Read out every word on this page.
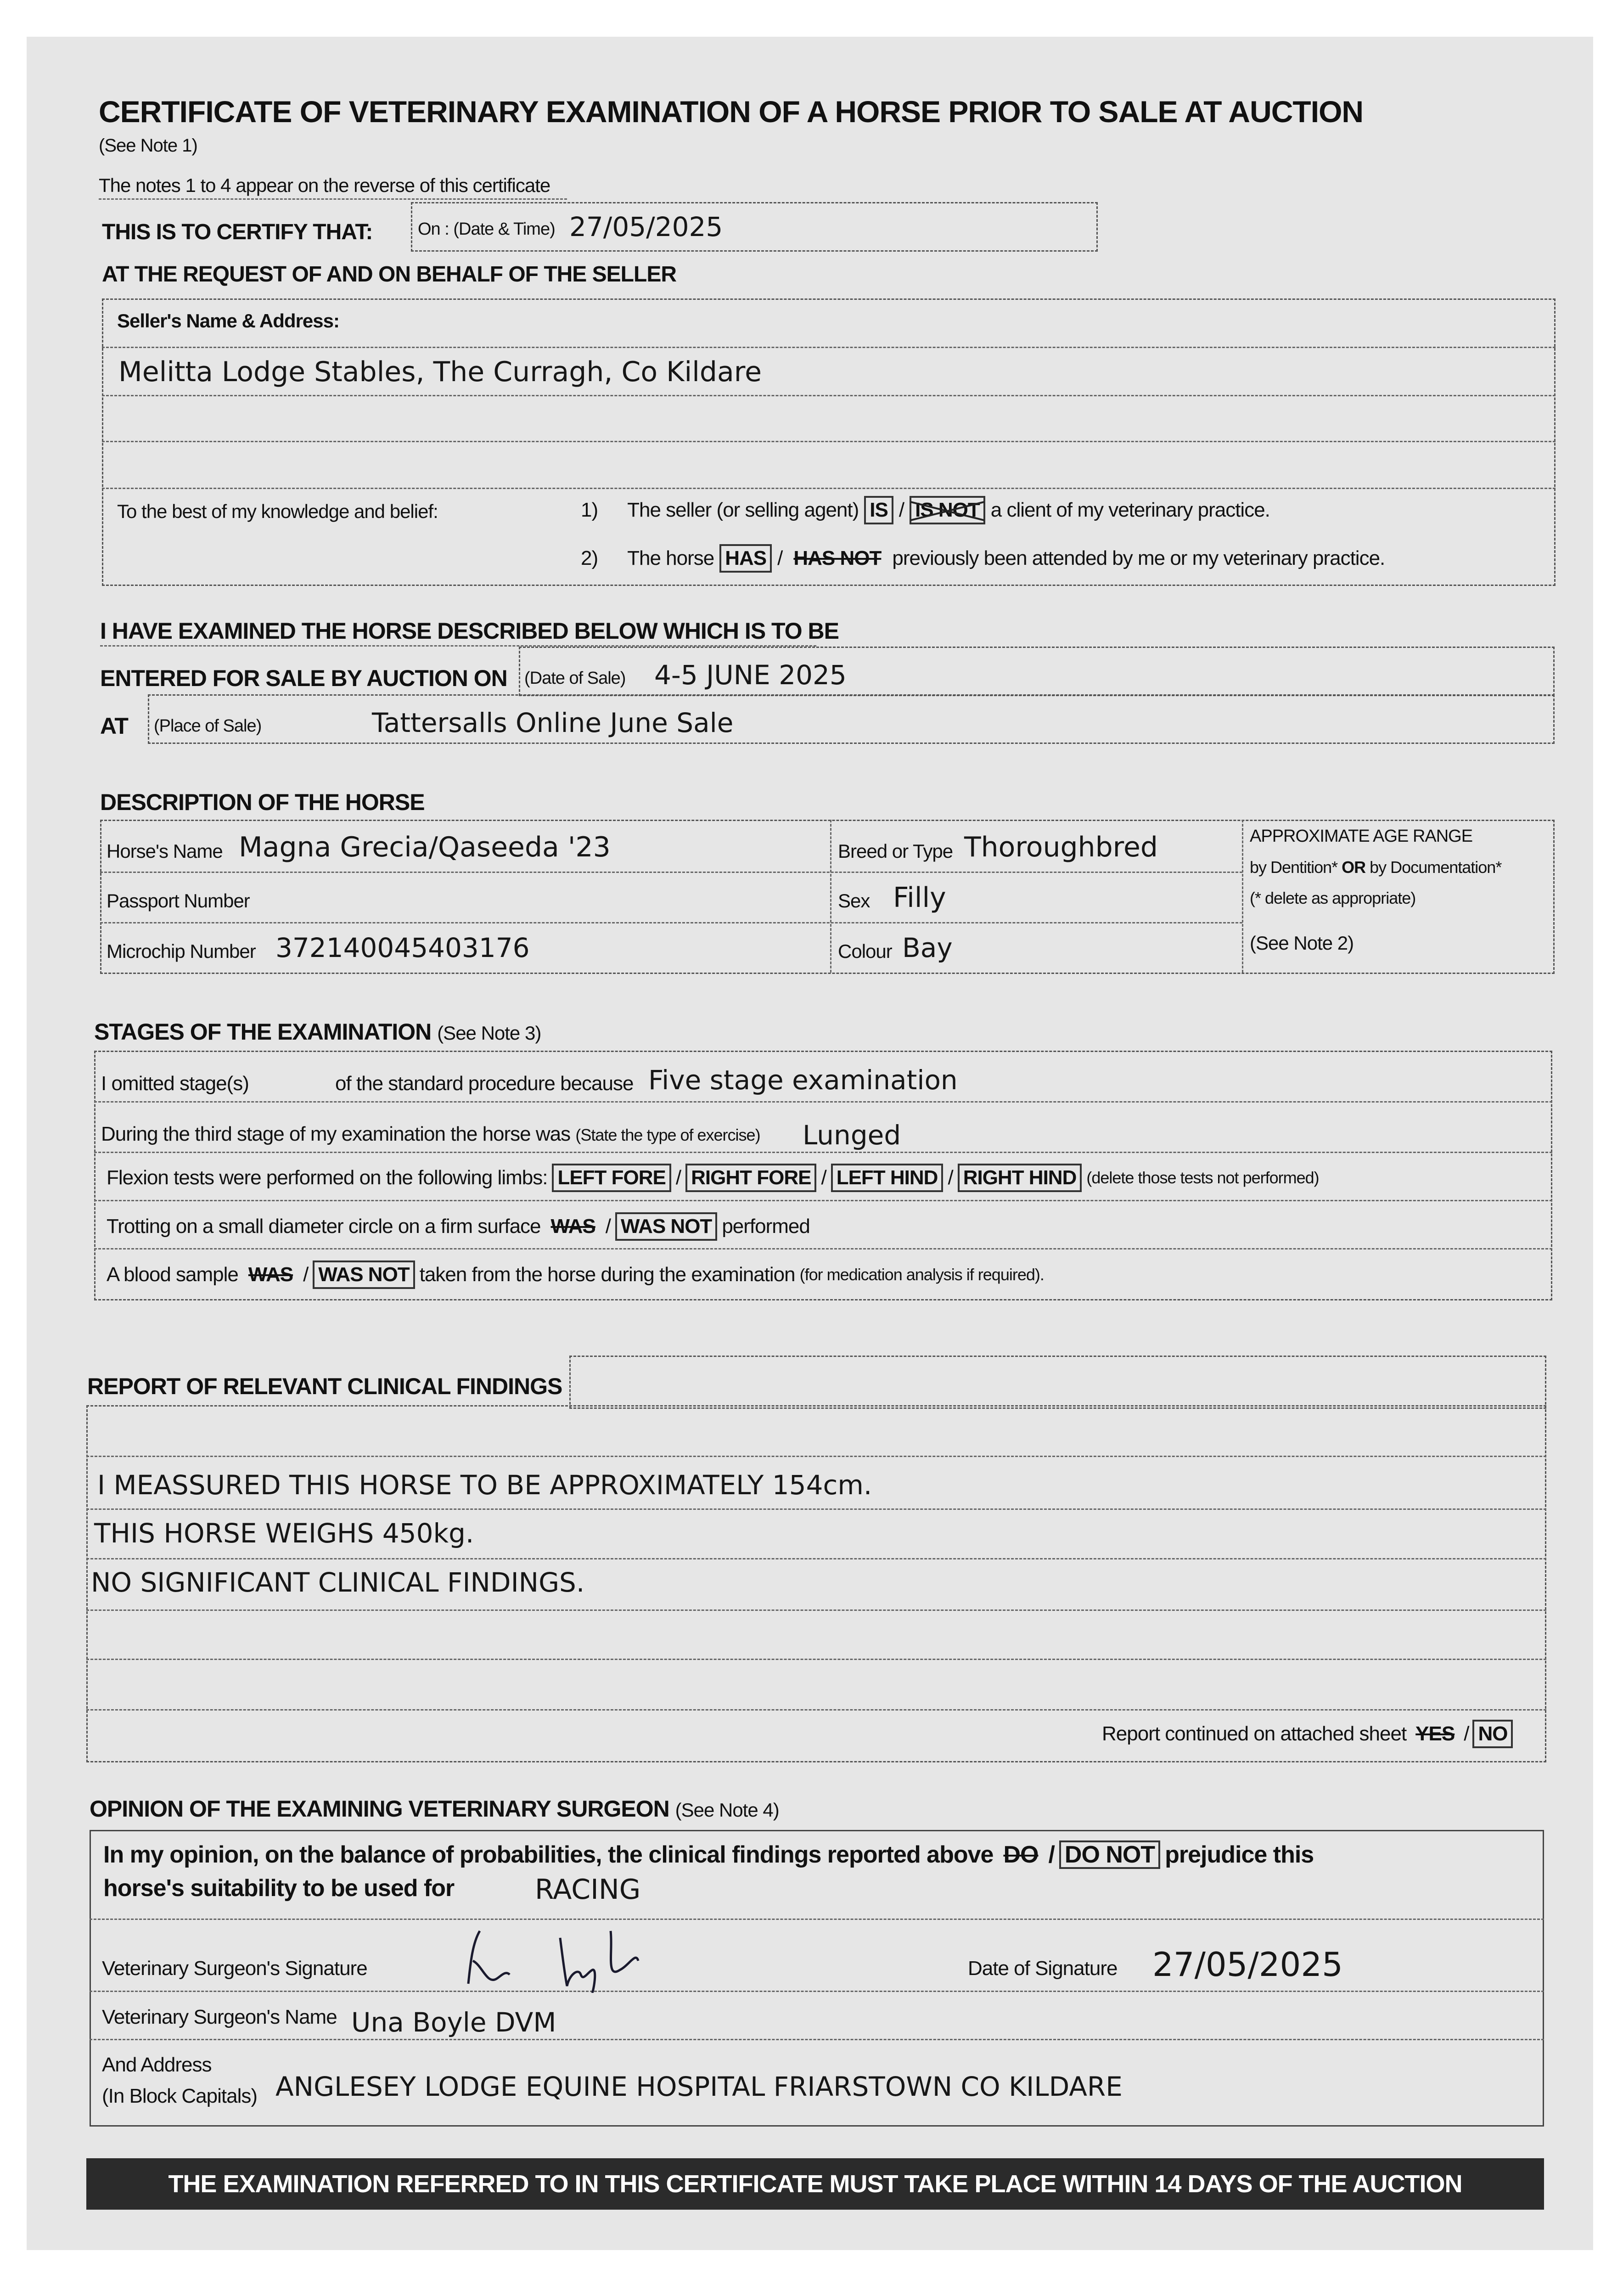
CERTIFICATE OF VETERINARY EXAMINATION OF A HORSE PRIOR TO SALE AT AUCTION
(See Note 1)
The notes 1 to 4 appear on the reverse of this certificate
THIS IS TO CERTIFY THAT:	On : (Date & Time) 27/05/2025
AT THE REQUEST OF AND ON BEHALF OF THE SELLER
Seller's Name & Address:
Melitta Lodge Stables, The Curragh, Co Kildare
To the best of my knowledge and belief:	1) The seller (or selling agent) IS / IS NOT a client of my veterinary practice.
2) The horse HAS / HAS NOT previously been attended by me or my veterinary practice.
I HAVE EXAMINED THE HORSE DESCRIBED BELOW WHICH IS TO BE
ENTERED FOR SALE BY AUCTION ON (Date of Sale) 4-5 JUNE 2025
AT (Place of Sale)	Tattersalls Online June Sale
DESCRIPTION OF THE HORSE
Horse's Name Magna Grecia/Qaseeda '23	Breed or Type Thoroughbred
Passport Number	Sex Filly
Microchip Number 372140045403176	Colour Bay
APPROXIMATE AGE RANGE
by Dentition* OR by Documentation*
(* delete as appropriate)
(See Note 2)
STAGES OF THE EXAMINATION (See Note 3)
I omitted stage(s)	of the standard procedure because Five stage examination
During the third stage of my examination the horse was (State the type of exercise) Lunged
Flexion tests were performed on the following limbs: LEFT FORE / RIGHT FORE / LEFT HIND / RIGHT HIND (delete those tests not performed)
Trotting on a small diameter circle on a firm surface WAS / WAS NOT performed
A blood sample WAS / WAS NOT taken from the horse during the examination (for medication analysis if required).
REPORT OF RELEVANT CLINICAL FINDINGS
I MEASSURED THIS HORSE TO BE APPROXIMATELY 154cm.
THIS HORSE WEIGHS 450kg.
NO SIGNIFICANT CLINICAL FINDINGS.
Report continued on attached sheet YES / NO
OPINION OF THE EXAMINING VETERINARY SURGEON (See Note 4)
In my opinion, on the balance of probabilities, the clinical findings reported above DO / DO NOT prejudice this
horse's suitability to be used for	RACING
Veterinary Surgeon's Signature
Una Boyle
Date of Signature 27/05/2025
Veterinary Surgeon's Name Una Boyle DVM
And Address
(In Block Capitals) ANGLESEY LODGE EQUINE HOSPITAL FRIARSTOWN CO KILDARE
THE EXAMINATION REFERRED TO IN THIS CERTIFICATE MUST TAKE PLACE WITHIN 14 DAYS OF THE AUCTION
